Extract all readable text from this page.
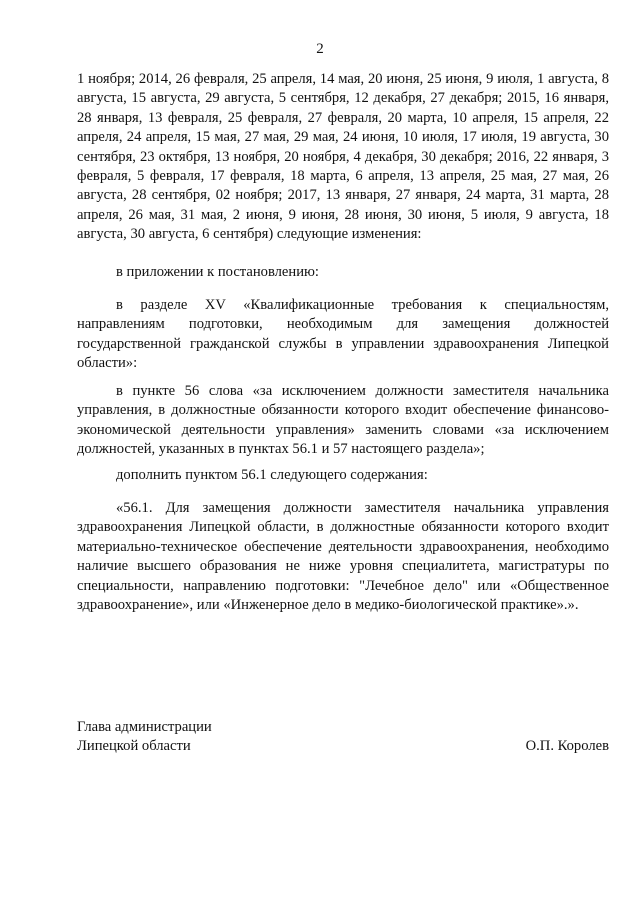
2

1 ноября; 2014, 26 февраля, 25 апреля, 14 мая, 20 июня, 25 июня, 9 июля, 1 августа, 8 августа, 15 августа, 29 августа, 5 сентября, 12 декабря, 27 декабря; 2015, 16 января, 28 января, 13 февраля, 25 февраля, 27 февраля, 20 марта, 10 апреля, 15 апреля, 22 апреля, 24 апреля, 15 мая, 27 мая, 29 мая, 24 июня, 10 июля, 17 июля, 19 августа, 30 сентября, 23 октября, 13 ноября, 20 ноября, 4 декабря, 30 декабря; 2016, 22 января, 3 февраля, 5 февраля, 17 февраля, 18 марта, 6 апреля, 13 апреля, 25 мая, 27 мая, 26 августа, 28 сентября, 02 ноября; 2017, 13 января, 27 января, 24 марта, 31 марта, 28 апреля, 26 мая, 31 мая, 2 июня, 9 июня, 28 июня, 30 июня, 5 июля, 9 августа, 18 августа, 30 августа, 6 сентября) следующие изменения:

в приложении к постановлению:

в разделе XV «Квалификационные требования к специальностям, направлениям подготовки, необходимым для замещения должностей государственной гражданской службы в управлении здравоохранения Липецкой области»:

в пункте 56 слова «за исключением должности заместителя начальника управления, в должностные обязанности которого входит обеспечение финансово-экономической деятельности управления» заменить словами «за исключением должностей, указанных в пунктах 56.1 и 57 настоящего раздела»;

дополнить пунктом 56.1 следующего содержания:

«56.1. Для замещения должности заместителя начальника управления здравоохранения Липецкой области, в должностные обязанности которого входит материально-техническое обеспечение деятельности здравоохранения, необходимо наличие высшего образования не ниже уровня специалитета, магистратуры по специальности, направлению подготовки: "Лечебное дело" или «Общественное здравоохранение», или «Инженерное дело в медико-биологической практике».».

Глава администрации
Липецкой области	О.П. Королев
